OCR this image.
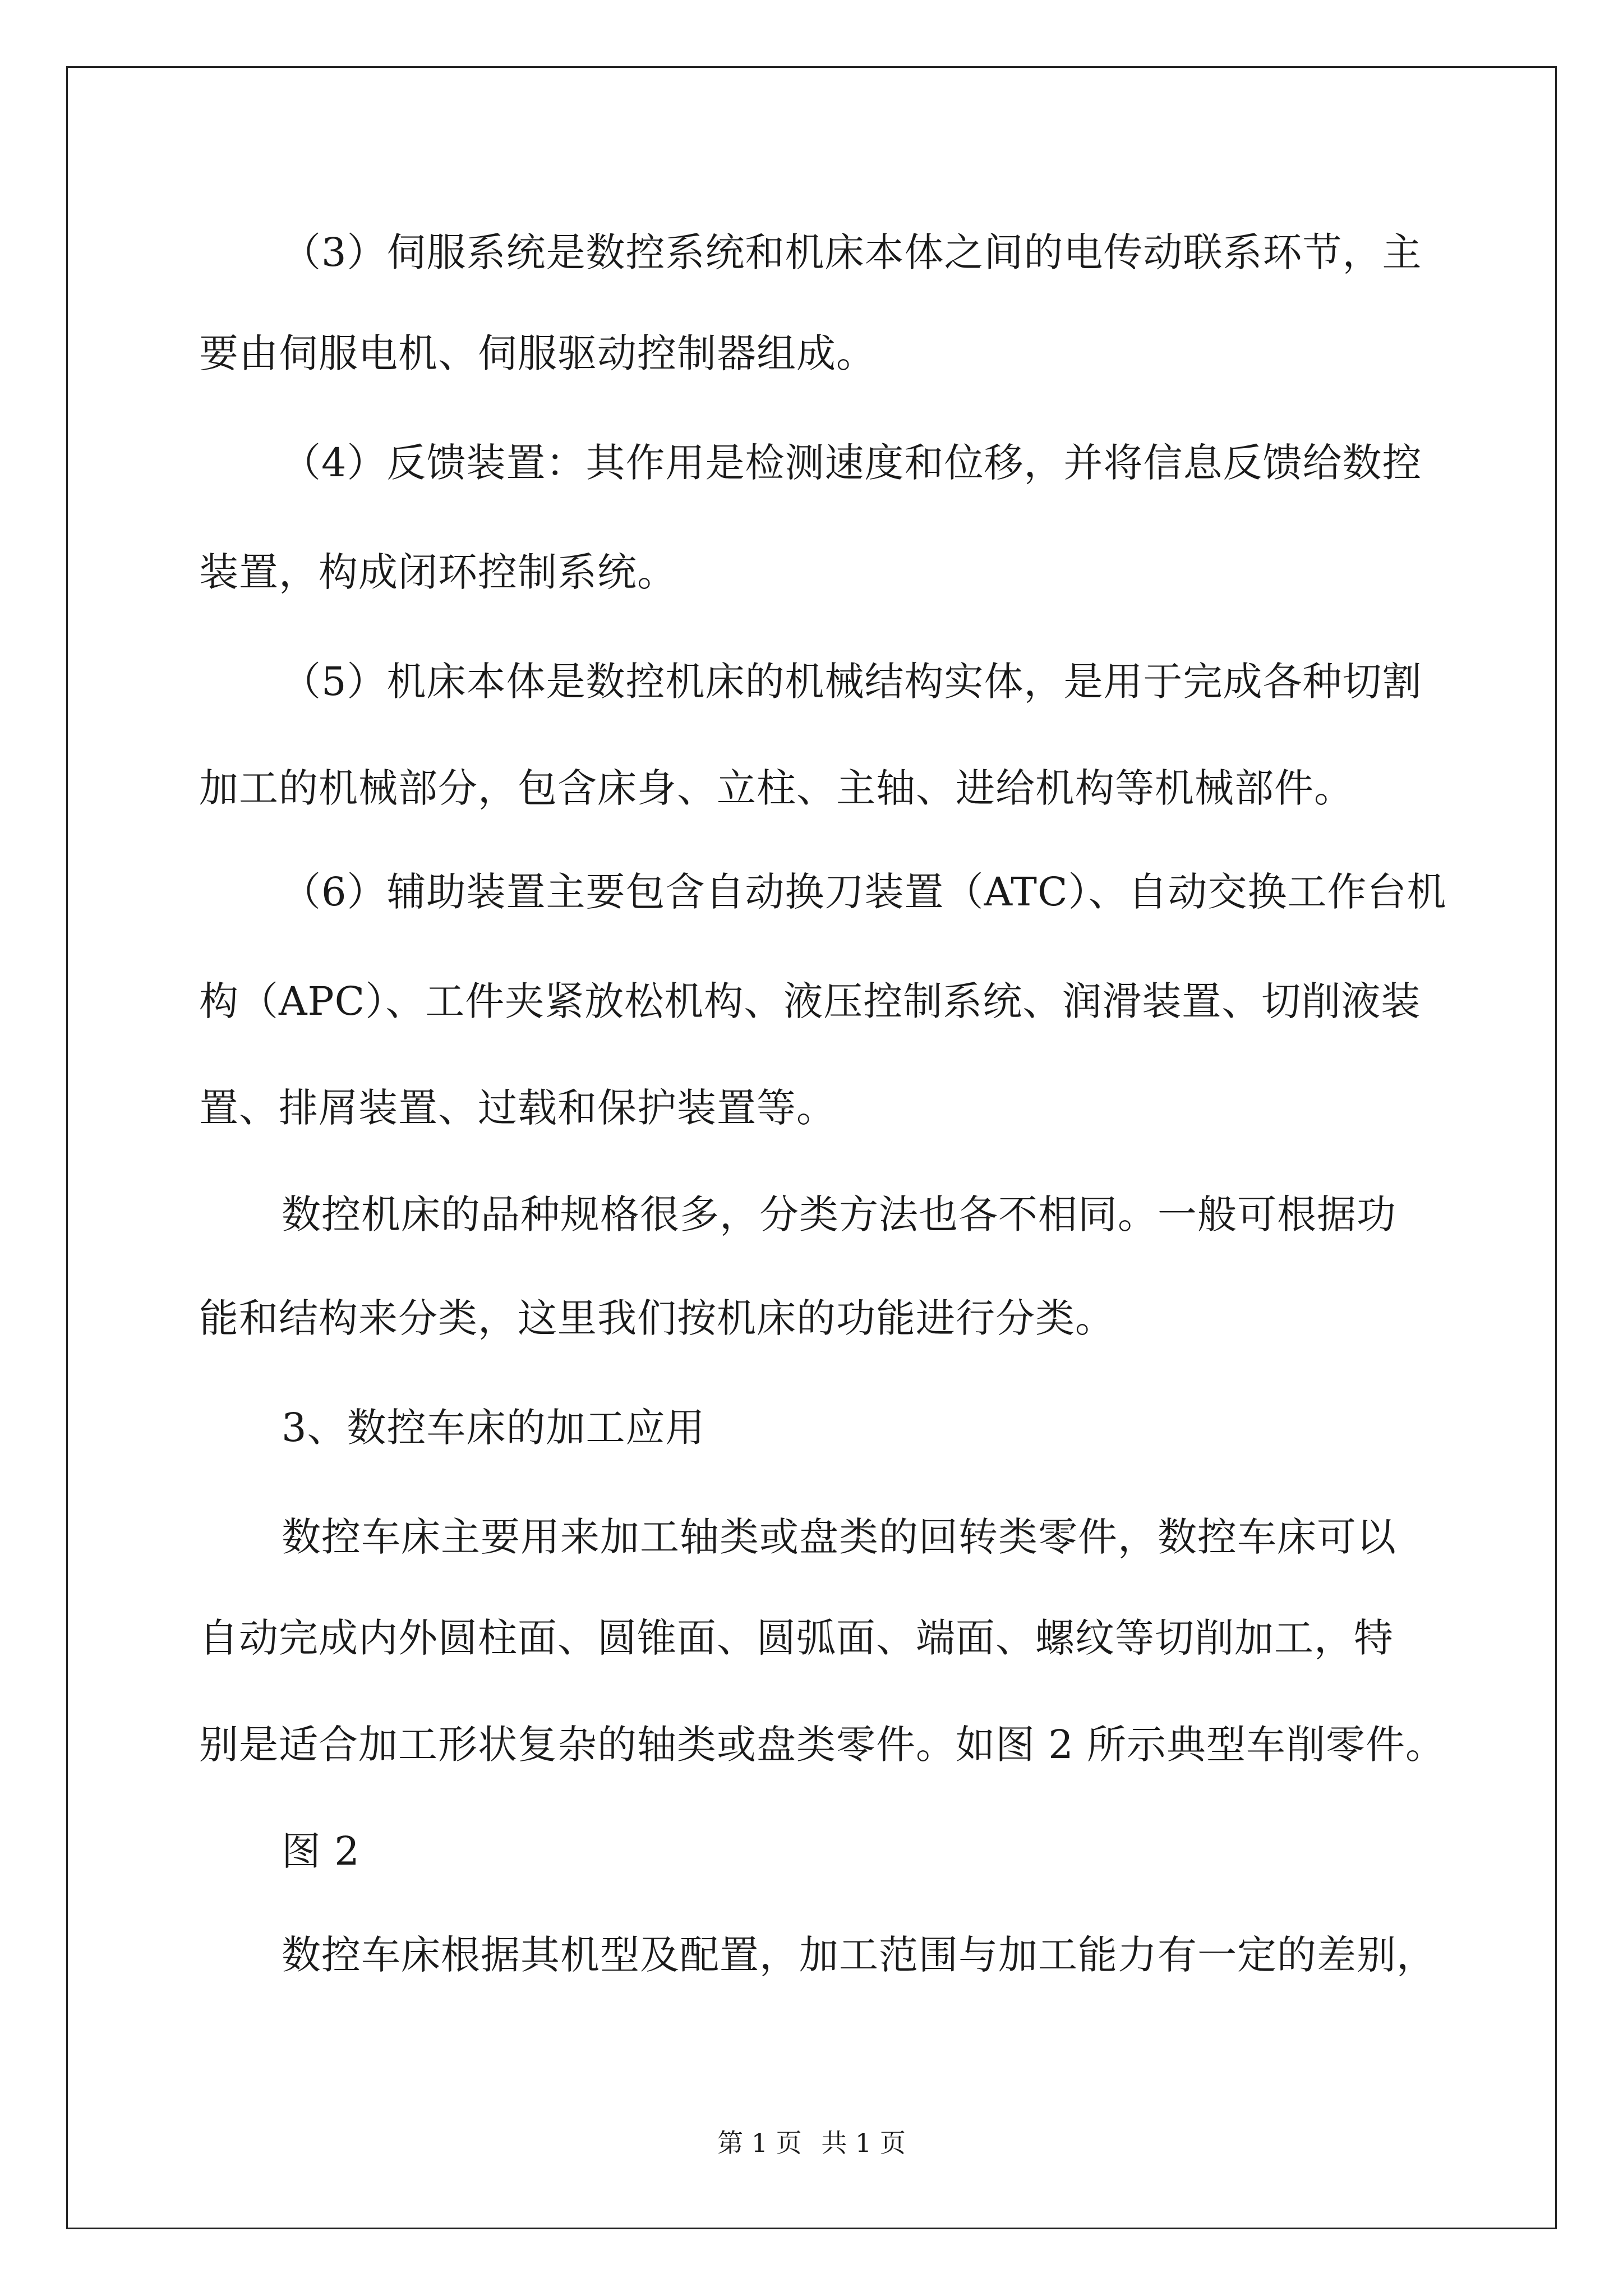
（3）伺服系统是数控系统和机床本体之间的电传动联系环节，主
要由伺服电机、伺服驱动控制器组成。
（4）反馈装置：其作用是检测速度和位移，并将信息反馈给数控
装置，构成闭环控制系统。
（5）机床本体是数控机床的机械结构实体，是用于完成各种切割
加工的机械部分，包含床身、立柱、主轴、进给机构等机械部件。
（6）辅助装置主要包含自动换刀装置（ATC）、自动交换工作台机
构（APC）、工件夹紧放松机构、液压控制系统、润滑装置、切削液装
置、排屑装置、过载和保护装置等。
数控机床的品种规格很多，分类方法也各不相同。一般可根据功
能和结构来分类，这里我们按机床的功能进行分类。
3、数控车床的加工应用
数控车床主要用来加工轴类或盘类的回转类零件，数控车床可以
自动完成内外圆柱面、圆锥面、圆弧面、端面、螺纹等切削加工，特
别是适合加工形状复杂的轴类或盘类零件。如图 2 所示典型车削零件。
图 2
数控车床根据其机型及配置，加工范围与加工能力有一定的差别，
第 1 页 共 1 页
